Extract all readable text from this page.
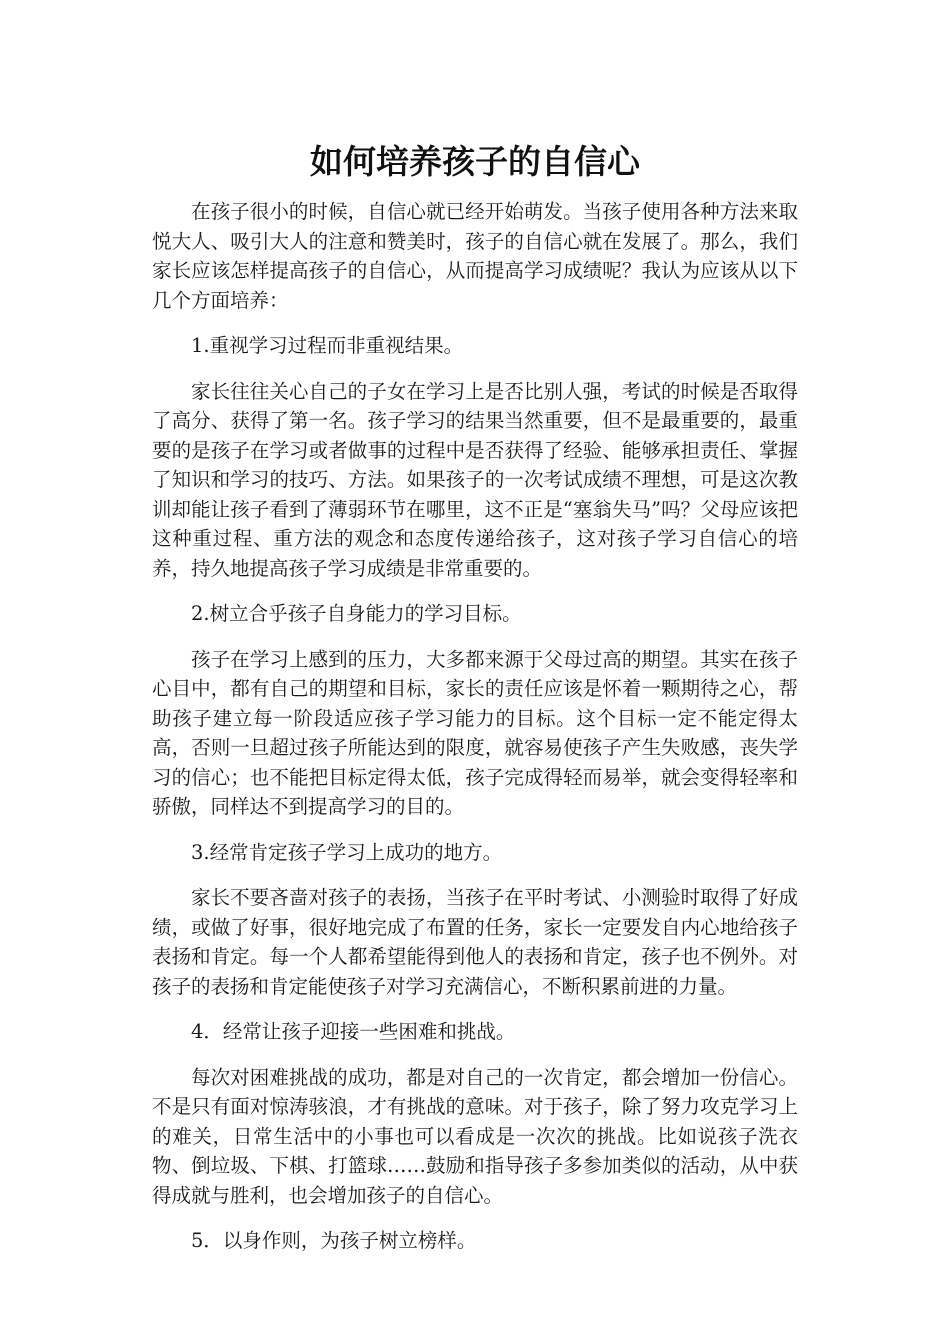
如何培养孩子的自信心

在孩子很小的时候，自信心就已经开始萌发。当孩子使用各种方法来取悦大人、吸引大人的注意和赞美时，孩子的自信心就在发展了。那么，我们家长应该怎样提高孩子的自信心，从而提高学习成绩呢？我认为应该从以下几个方面培养：

1.重视学习过程而非重视结果。

家长往往关心自己的子女在学习上是否比别人强，考试的时候是否取得了高分、获得了第一名。孩子学习的结果当然重要，但不是最重要的，最重要的是孩子在学习或者做事的过程中是否获得了经验、能够承担责任、掌握了知识和学习的技巧、方法。如果孩子的一次考试成绩不理想，可是这次教训却能让孩子看到了薄弱环节在哪里，这不正是“塞翁失马”吗？父母应该把这种重过程、重方法的观念和态度传递给孩子，这对孩子学习自信心的培养，持久地提高孩子学习成绩是非常重要的。

2.树立合乎孩子自身能力的学习目标。

孩子在学习上感到的压力，大多都来源于父母过高的期望。其实在孩子心目中，都有自己的期望和目标，家长的责任应该是怀着一颗期待之心，帮助孩子建立每一阶段适应孩子学习能力的目标。这个目标一定不能定得太高，否则一旦超过孩子所能达到的限度，就容易使孩子产生失败感，丧失学习的信心；也不能把目标定得太低，孩子完成得轻而易举，就会变得轻率和骄傲，同样达不到提高学习的目的。

3.经常肯定孩子学习上成功的地方。

家长不要吝啬对孩子的表扬，当孩子在平时考试、小测验时取得了好成绩，或做了好事，很好地完成了布置的任务，家长一定要发自内心地给孩子表扬和肯定。每一个人都希望能得到他人的表扬和肯定，孩子也不例外。对孩子的表扬和肯定能使孩子对学习充满信心，不断积累前进的力量。

4．经常让孩子迎接一些困难和挑战。

每次对困难挑战的成功，都是对自己的一次肯定，都会增加一份信心。不是只有面对惊涛骇浪，才有挑战的意味。对于孩子，除了努力攻克学习上的难关，日常生活中的小事也可以看成是一次次的挑战。比如说孩子洗衣物、倒垃圾、下棋、打篮球……鼓励和指导孩子多参加类似的活动，从中获得成就与胜利，也会增加孩子的自信心。

5．以身作则，为孩子树立榜样。
